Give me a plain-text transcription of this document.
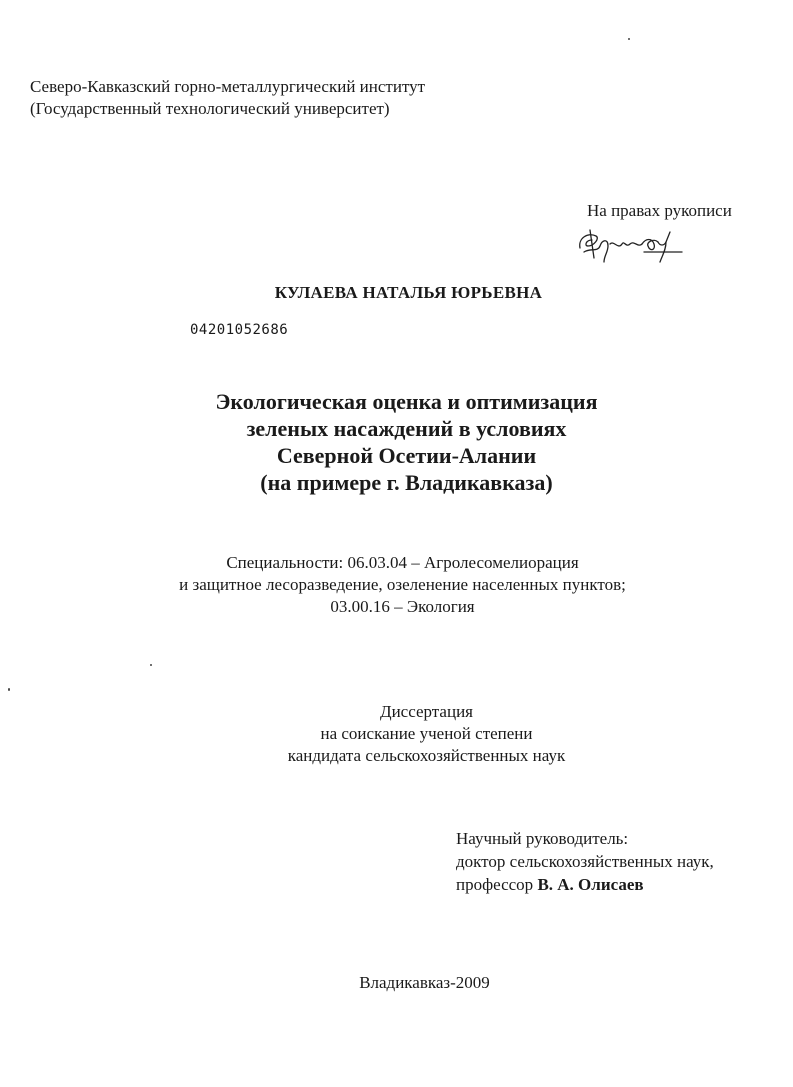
Северо-Кавказский горно-металлургический институт
(Государственный технологический университет)
На правах рукописи
КУЛАЕВА НАТАЛЬЯ ЮРЬЕВНА
04201052686
Экологическая оценка и оптимизация
зеленых насаждений в условиях
Северной Осетии-Алании
(на примере г. Владикавказа)
Специальности: 06.03.04 – Агролесомелиорация
и защитное лесоразведение, озеленение населенных пунктов;
03.00.16 – Экология
Диссертация
на соискание ученой степени
кандидата сельскохозяйственных наук
Научный руководитель:
доктор сельскохозяйственных наук,
профессор В. А. Олисаев
Владикавказ-2009
